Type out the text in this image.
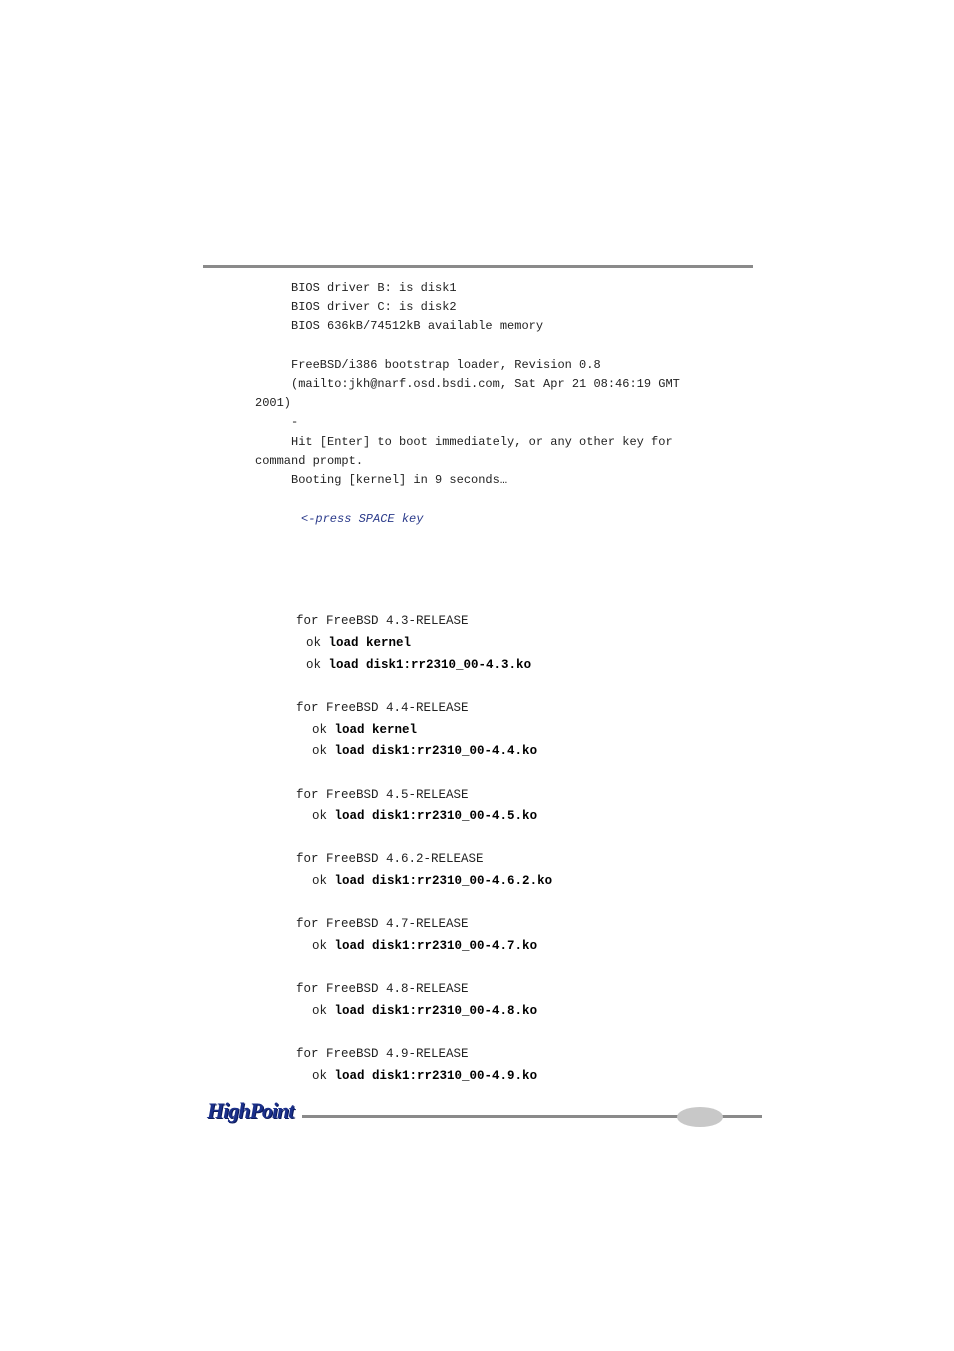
BIOS driver B: is disk1
BIOS driver C: is disk2
BIOS 636kB/74512kB available memory
FreeBSD/i386 bootstrap loader, Revision 0.8
(mailto:jkh@narf.osd.bsdi.com, Sat Apr 21 08:46:19 GMT
2001)
-
Hit [Enter] to boot immediately, or any other key for
command prompt.
Booting [kernel] in 9 seconds…
<-press SPACE key
for FreeBSD 4.3-RELEASE
ok load kernel
ok load disk1:rr2310_00-4.3.ko
for FreeBSD 4.4-RELEASE
ok load kernel
ok load disk1:rr2310_00-4.4.ko
for FreeBSD 4.5-RELEASE
ok load disk1:rr2310_00-4.5.ko
for FreeBSD 4.6.2-RELEASE
ok load disk1:rr2310_00-4.6.2.ko
for FreeBSD 4.7-RELEASE
ok load disk1:rr2310_00-4.7.ko
for FreeBSD 4.8-RELEASE
ok load disk1:rr2310_00-4.8.ko
for FreeBSD 4.9-RELEASE
ok load disk1:rr2310_00-4.9.ko
HighPoint
